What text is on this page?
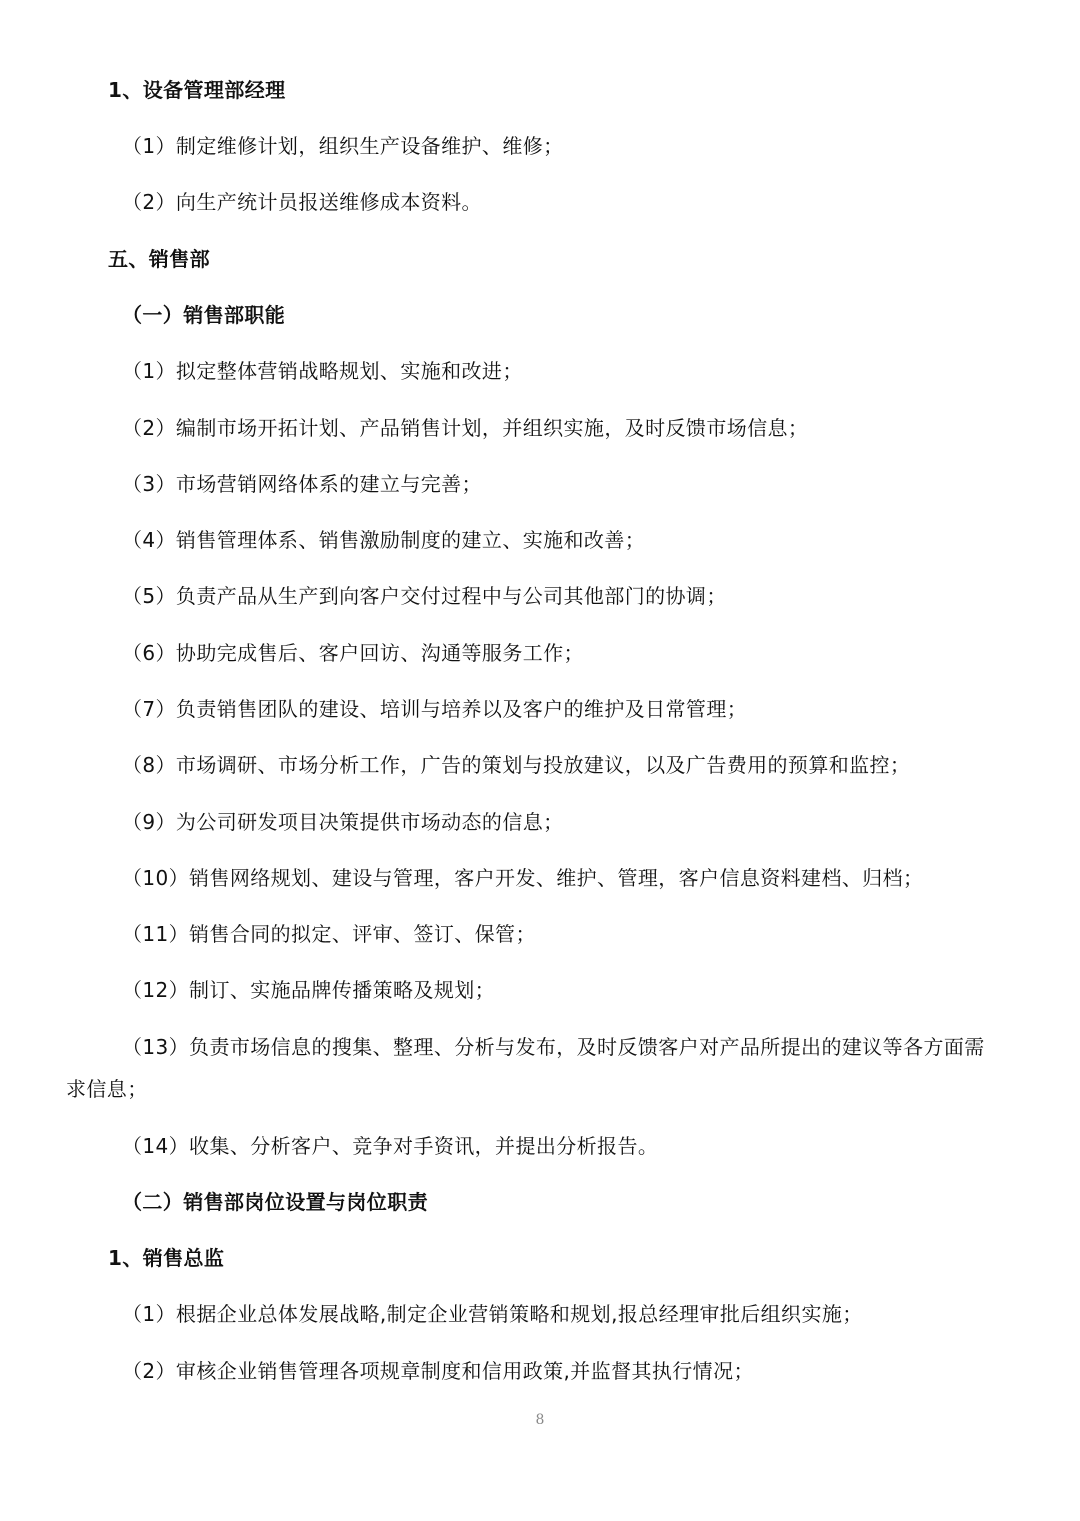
1、设备管理部经理
（1）制定维修计划，组织生产设备维护、维修；
（2）向生产统计员报送维修成本资料。
五、销售部
（一）销售部职能
（1）拟定整体营销战略规划、实施和改进；
（2）编制市场开拓计划、产品销售计划，并组织实施，及时反馈市场信息；
（3）市场营销网络体系的建立与完善；
（4）销售管理体系、销售激励制度的建立、实施和改善；
（5）负责产品从生产到向客户交付过程中与公司其他部门的协调；
（6）协助完成售后、客户回访、沟通等服务工作；
（7）负责销售团队的建设、培训与培养以及客户的维护及日常管理；
（8）市场调研、市场分析工作，广告的策划与投放建议，以及广告费用的预算和监控；
（9）为公司研发项目决策提供市场动态的信息；
（10）销售网络规划、建设与管理，客户开发、维护、管理，客户信息资料建档、归档；
（11）销售合同的拟定、评审、签订、保管；
（12）制订、实施品牌传播策略及规划；
（13）负责市场信息的搜集、整理、分析与发布，及时反馈客户对产品所提出的建议等各方面需
求信息；
（14）收集、分析客户、竞争对手资讯，并提出分析报告。
（二）销售部岗位设置与岗位职责
1、销售总监
（1）根据企业总体发展战略,制定企业营销策略和规划,报总经理审批后组织实施；
（2）审核企业销售管理各项规章制度和信用政策,并监督其执行情况；
8
